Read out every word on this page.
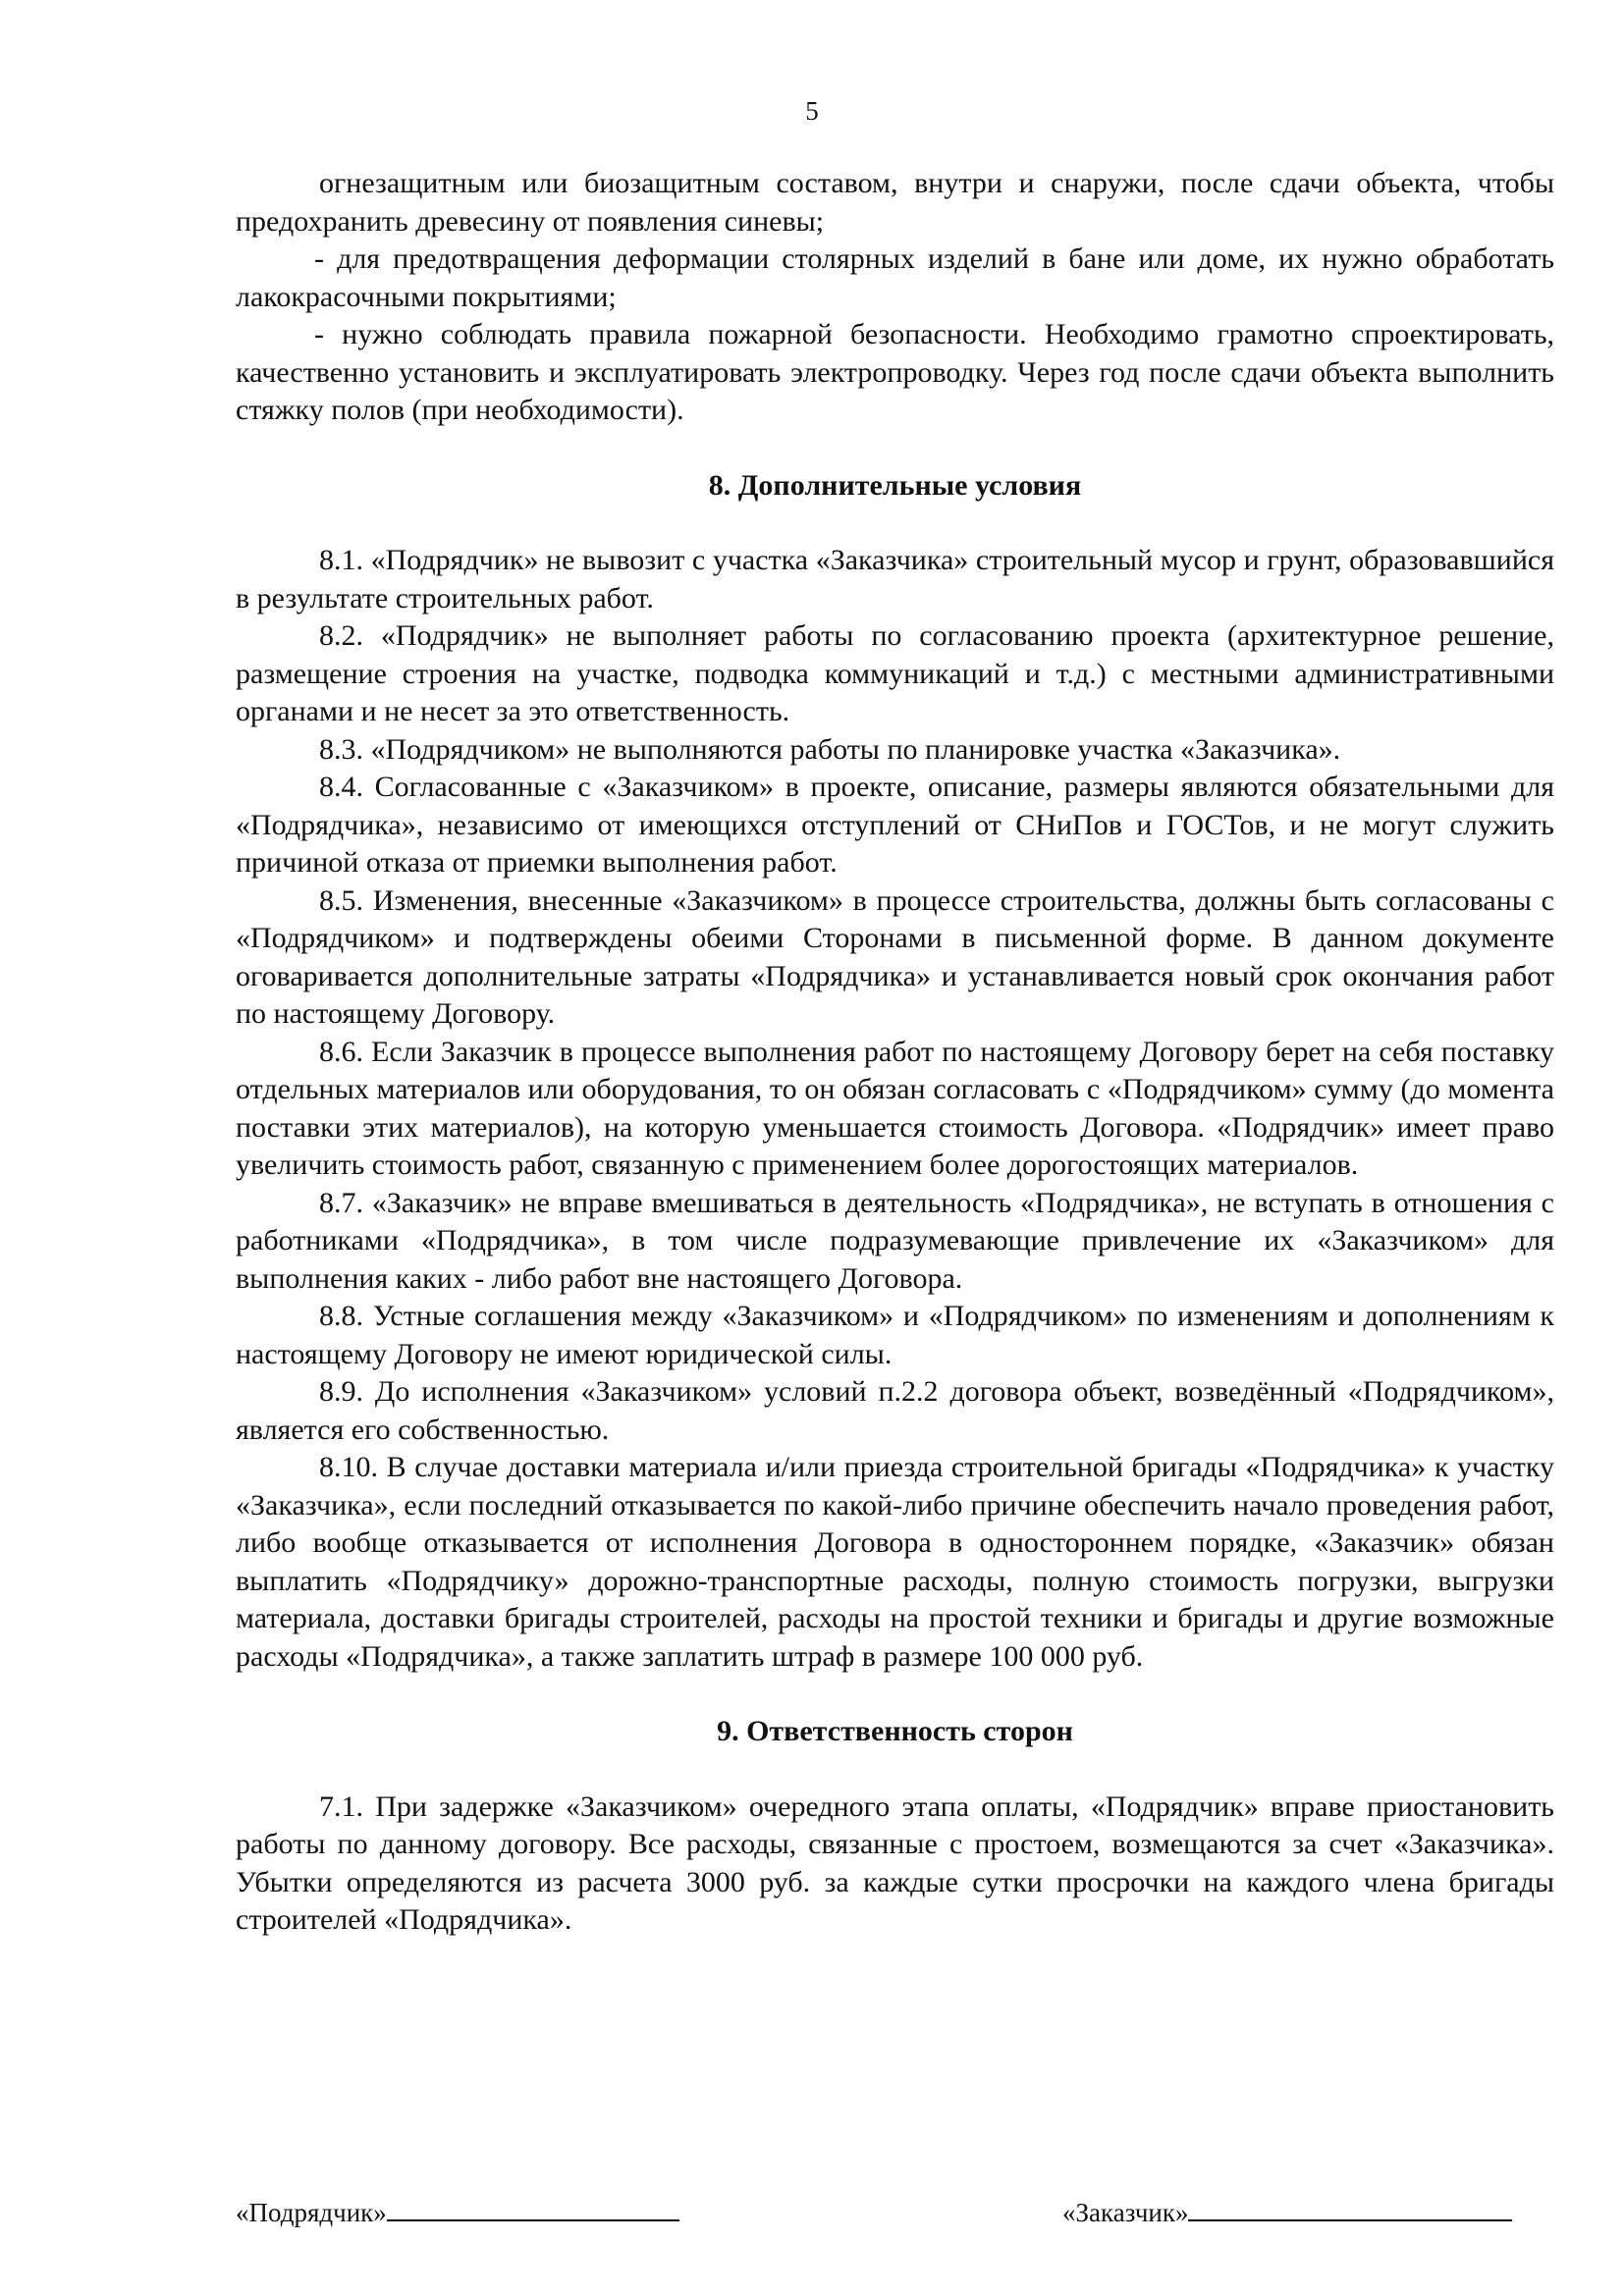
5

огнезащитным или биозащитным составом, внутри и снаружи, после сдачи объекта, чтобы предохранить древесину от появления синевы;

- для предотвращения деформации столярных изделий в бане или доме, их нужно обработать лакокрасочными покрытиями;

- нужно соблюдать правила пожарной безопасности. Необходимо грамотно спроектировать, качественно установить и эксплуатировать электропроводку. Через год после сдачи объекта выполнить стяжку полов (при необходимости).

8. Дополнительные условия

8.1. «Подрядчик» не вывозит с участка «Заказчика» строительный мусор и грунт, образовавшийся в результате строительных работ.

8.2. «Подрядчик» не выполняет работы по согласованию проекта (архитектурное решение, размещение строения на участке, подводка коммуникаций и т.д.) с местными административными органами и не несет за это ответственность.

8.3. «Подрядчиком» не выполняются работы по планировке участка «Заказчика».

8.4. Согласованные с «Заказчиком» в проекте, описание, размеры являются обязательными для «Подрядчика», независимо от имеющихся отступлений от СНиПов и ГОСТов, и не могут служить причиной отказа от приемки выполнения работ.

8.5. Изменения, внесенные «Заказчиком» в процессе строительства, должны быть согласованы с «Подрядчиком» и подтверждены обеими Сторонами в письменной форме. В данном документе оговаривается дополнительные затраты «Подрядчика» и устанавливается новый срок окончания работ по настоящему Договору.

8.6. Если Заказчик в процессе выполнения работ по настоящему Договору берет на себя поставку отдельных материалов или оборудования, то он обязан согласовать с «Подрядчиком» сумму (до момента поставки этих материалов), на которую уменьшается стоимость Договора. «Подрядчик» имеет право увеличить стоимость работ, связанную с применением более дорогостоящих материалов.

8.7. «Заказчик» не вправе вмешиваться в деятельность «Подрядчика», не вступать в отношения с работниками «Подрядчика», в том числе подразумевающие привлечение их «Заказчиком» для выполнения каких - либо работ вне настоящего Договора.

8.8. Устные соглашения между «Заказчиком» и «Подрядчиком» по изменениям и дополнениям к настоящему Договору не имеют юридической силы.

8.9. До исполнения «Заказчиком» условий п.2.2 договора объект, возведённый «Подрядчиком», является его собственностью.

8.10. В случае доставки материала и/или приезда строительной бригады «Подрядчика» к участку «Заказчика», если последний отказывается по какой-либо причине обеспечить начало проведения работ, либо вообще отказывается от исполнения Договора в одностороннем порядке, «Заказчик» обязан выплатить «Подрядчику» дорожно-транспортные расходы, полную стоимость погрузки, выгрузки материала, доставки бригады строителей, расходы на простой техники и бригады и другие возможные расходы «Подрядчика», а также заплатить штраф в размере 100 000 руб.

9. Ответственность сторон

7.1. При задержке «Заказчиком» очередного этапа оплаты, «Подрядчик» вправе приостановить работы по данному договору. Все расходы, связанные с простоем, возмещаются за счет «Заказчика». Убытки определяются из расчета 3000 руб. за каждые сутки просрочки на каждого члена бригады строителей «Подрядчика».

«Подрядчик»	«Заказчик»
